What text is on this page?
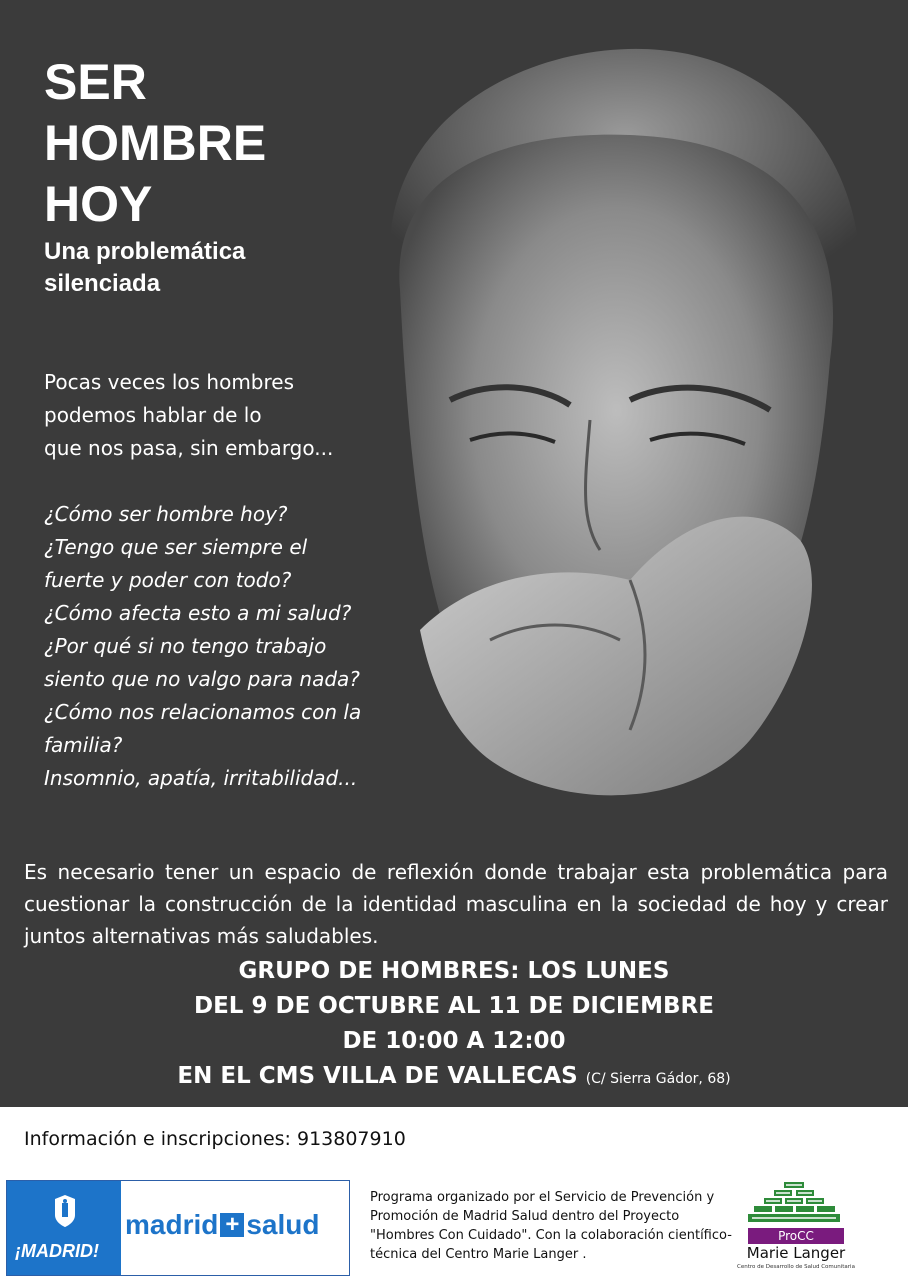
SER
HOMBRE
HOY
Una problemática
silenciada
Pocas veces los hombres
podemos hablar de lo
que nos pasa, sin embargo...
¿Cómo ser hombre hoy?
¿Tengo que ser siempre el
fuerte y poder con todo?
¿Cómo afecta esto a mi salud?
¿Por qué si no tengo trabajo
siento que no valgo para nada?
¿Cómo nos relacionamos con la
familia?
Insomnio, apatía, irritabilidad...

Es necesario tener un espacio de reflexión donde trabajar esta problemática para cuestionar la construcción de la identidad masculina en la sociedad de hoy y crear juntos alternativas más saludables.

GRUPO DE HOMBRES: LOS LUNES
DEL 9 DE OCTUBRE AL 11 DE DICIEMBRE
DE 10:00 A 12:00
EN EL CMS VILLA DE VALLECAS (C/ Sierra Gádor, 68)
Información e inscripciones: 913807910
¡MADRID!
madrid + salud
Programa organizado por el Servicio de Prevención y Promoción de Madrid Salud dentro del Proyecto "Hombres Con Cuidado". Con la colaboración científico-técnica del Centro Marie Langer .
ProCC
Marie Langer
Centro de Desarrollo de Salud Comunitaria
